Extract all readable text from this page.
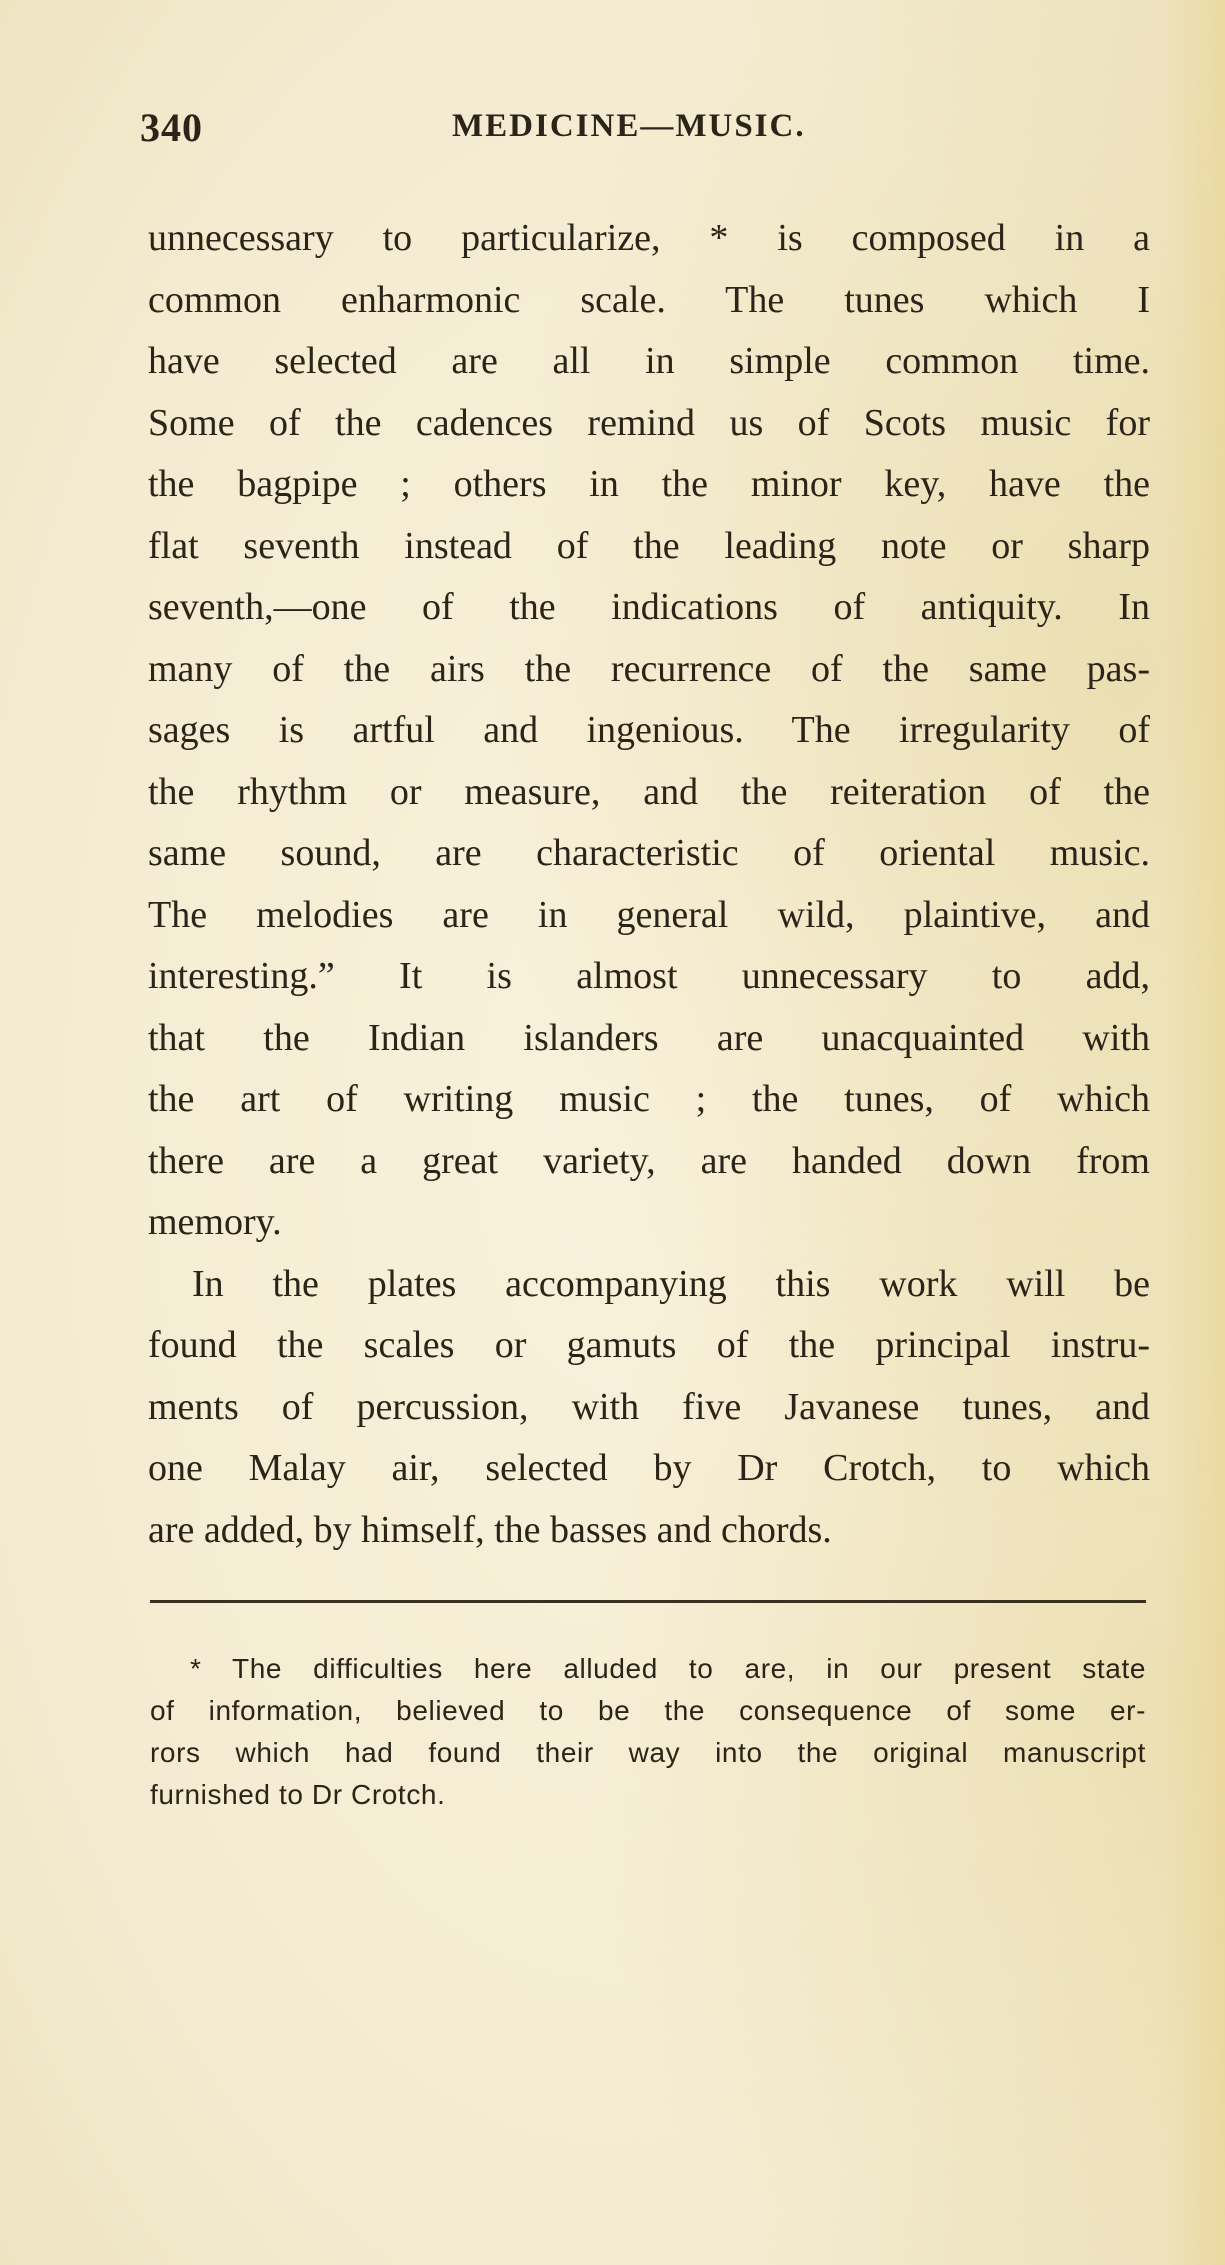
340	MEDICINE—MUSIC.
unnecessary to particularize, * is composed in a
common enharmonic scale. The tunes which I
have selected are all in simple common time.
Some of the cadences remind us of Scots music for
the bagpipe ; others in the minor key, have the
flat seventh instead of the leading note or sharp
seventh,—one of the indications of antiquity. In
many of the airs the recurrence of the same pas-
sages is artful and ingenious. The irregularity of
the rhythm or measure, and the reiteration of the
same sound, are characteristic of oriental music.
The melodies are in general wild, plaintive, and
interesting.” It is almost unnecessary to add,
that the Indian islanders are unacquainted with
the art of writing music ; the tunes, of which
there are a great variety, are handed down from
memory.
In the plates accompanying this work will be
found the scales or gamuts of the principal instru-
ments of percussion, with five Javanese tunes, and
one Malay air, selected by Dr Crotch, to which
are added, by himself, the basses and chords.
* The difficulties here alluded to are, in our present state
of information, believed to be the consequence of some er-
rors which had found their way into the original manuscript
furnished to Dr Crotch.
